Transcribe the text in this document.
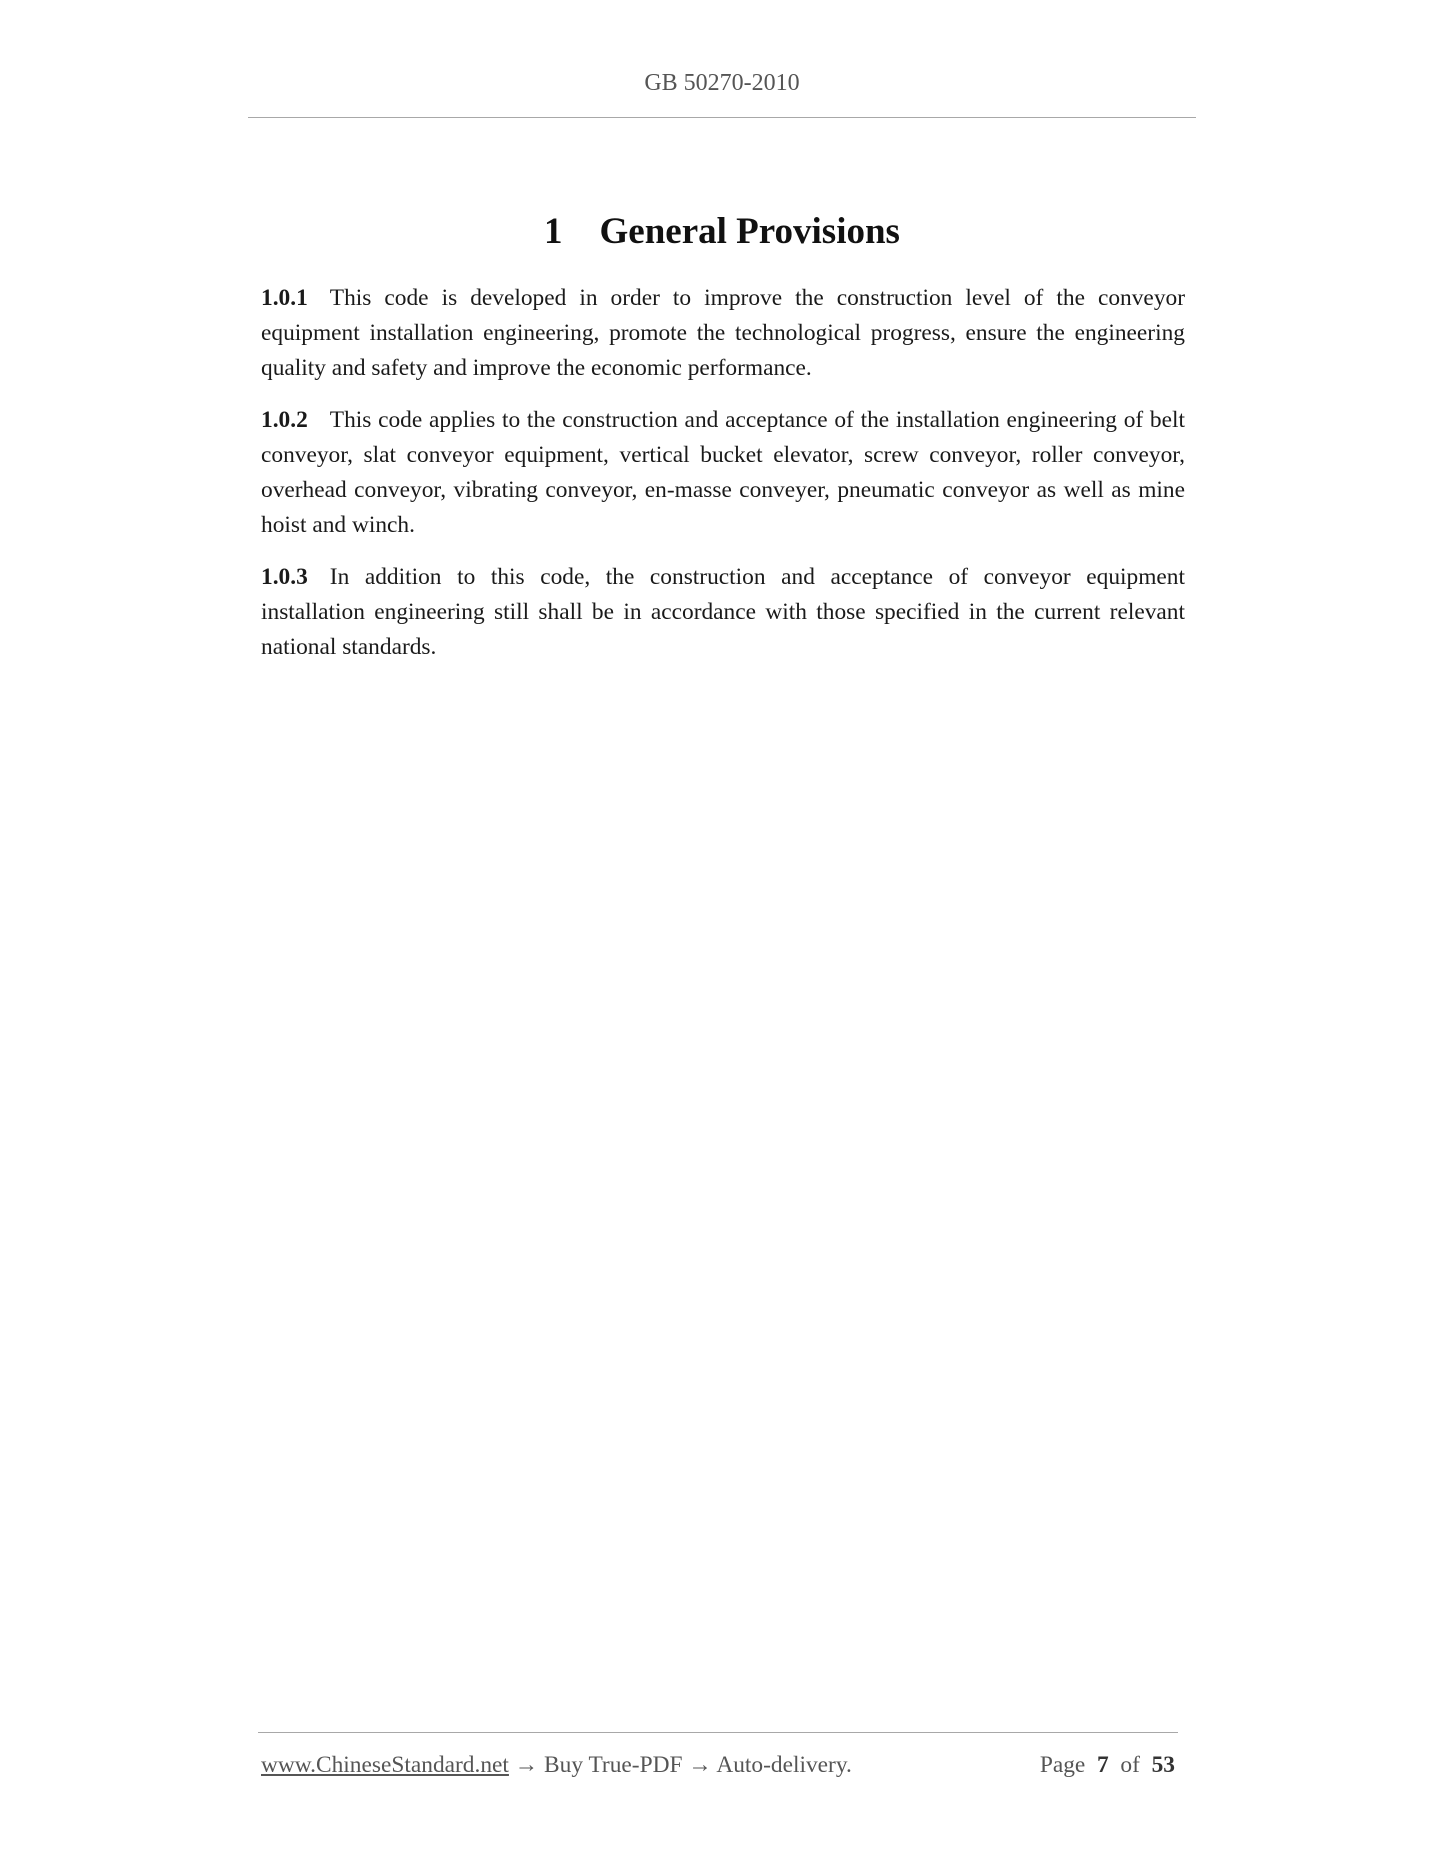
GB 50270-2010
1    General Provisions

1.0.1 This code is developed in order to improve the construction level of the conveyor equipment installation engineering, promote the technological progress, ensure the engineering quality and safety and improve the economic performance.

1.0.2 This code applies to the construction and acceptance of the installation engineering of belt conveyor, slat conveyor equipment, vertical bucket elevator, screw conveyor, roller conveyor, overhead conveyor, vibrating conveyor, en-masse conveyer, pneumatic conveyor as well as mine hoist and winch.

1.0.3 In addition to this code, the construction and acceptance of conveyor equipment installation engineering still shall be in accordance with those specified in the current relevant national standards.

www.ChineseStandard.net → Buy True-PDF → Auto-delivery.	Page 7 of 53
